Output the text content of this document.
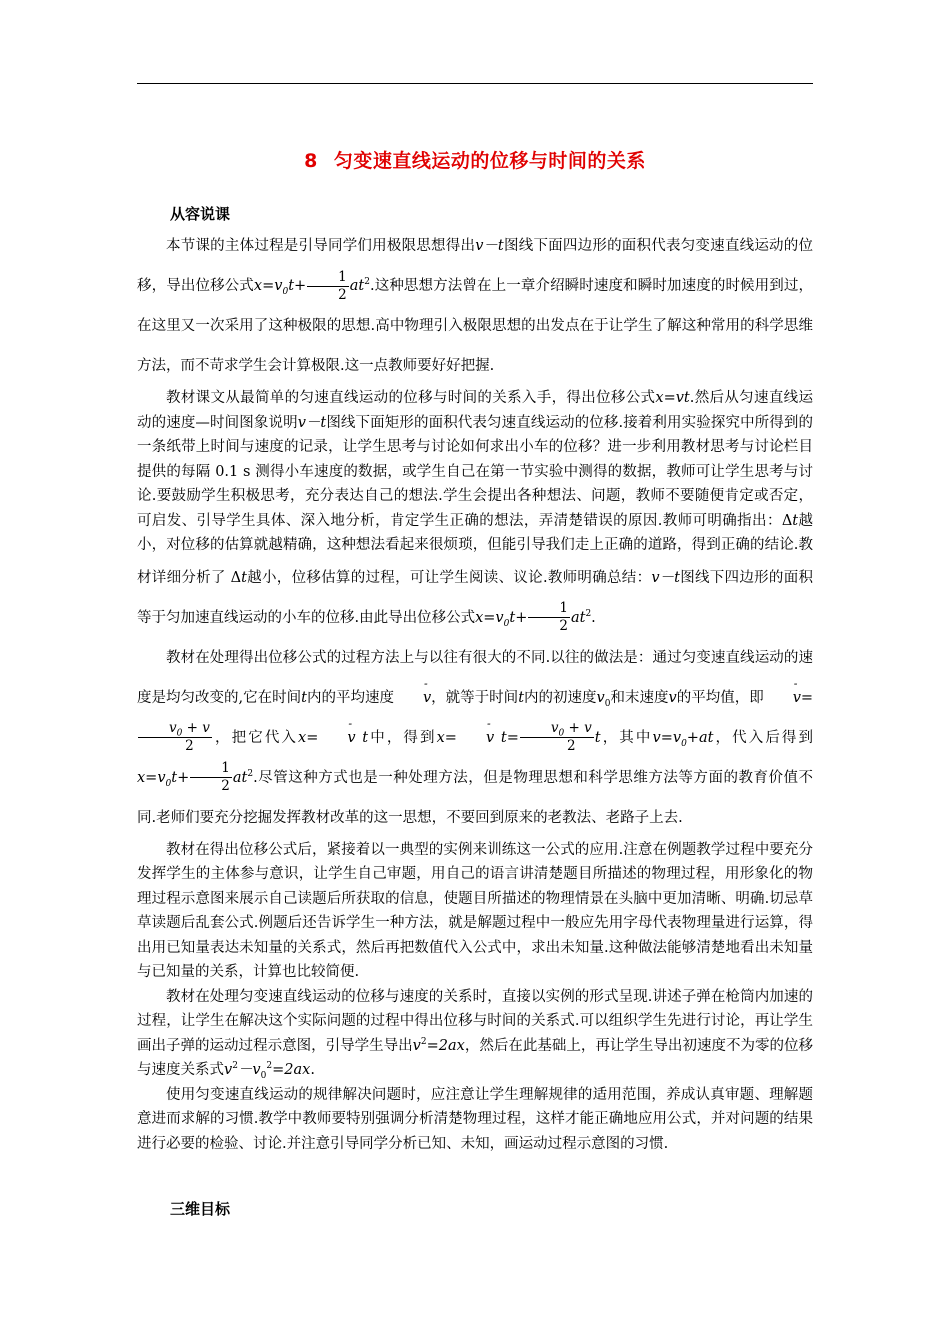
8 匀变速直线运动的位移与时间的关系
从容说课

本节课的主体过程是引导同学们用极限思想得出v－t图线下面四边形的面积代表匀变速直线运动的位移，导出位移公式$x=v_0t+ \frac{1}{2} at^2$.这种思想方法曾在上一章介绍瞬时速度和瞬时加速度的时候用到过，在这里又一次采用了这种极限的思想.高中物理引入极限思想的出发点在于让学生了解这种常用的科学思维方法，而不苛求学生会计算极限.这一点教师要好好把握.

教材课文从最简单的匀速直线运动的位移与时间的关系入手，得出位移公式x=vt.然后从匀速直线运动的速度—时间图象说明v－t图线下面矩形的面积代表匀速直线运动的位移.接着利用实验探究中所得到的一条纸带上时间与速度的记录，让学生思考与讨论如何求出小车的位移？进一步利用教材思考与讨论栏目提供的每隔 0.1 s 测得小车速度的数据，或学生自己在第一节实验中测得的数据，教师可让学生思考与讨论.要鼓励学生积极思考，充分表达自己的想法.学生会提出各种想法、问题，教师不要随便肯定或否定，可启发、引导学生具体、深入地分析，肯定学生正确的想法，弄清楚错误的原因.教师可明确指出：Δt越小，对位移的估算就越精确，这种想法看起来很烦琐，但能引导我们走上正确的道路，得到正确的结论.教材详细分析了 Δt越小，位移估算的过程，可让学生阅读、议论.教师明确总结：v－t图线下四边形的面积等于匀加速直线运动的小车的位移.由此导出位移公式$x=v_0t+ \frac{1}{2} at^2$.

教材在处理得出位移公式的过程方法上与以往有很大的不同.以往的做法是：通过匀变速直线运动的速度是均匀改变的,它在时间t内的平均速度 - v，就等于时间t内的初速度$v_0$和末速度v的平均值，即 - v=
$\frac{v_0 + v}{2}$ ，把它代入x= - v t中，得到x= - v $t= \frac{v_0 + v}{2}$ t，其中$v=v_0+at$，代入后得到$x=v_0t+ \frac{1}{2} at^2$.尽管这种方式也是一种处理方法，但是物理思想和科学思维方法等方面的教育价值不同.老师们要充分挖掘发挥教材改革的这一思想，不要回到原来的老教法、老路子上去.

教材在得出位移公式后，紧接着以一典型的实例来训练这一公式的应用.注意在例题教学过程中要充分发挥学生的主体参与意识，让学生自己审题，用自己的语言讲清楚题目所描述的物理过程，用形象化的物理过程示意图来展示自己读题后所获取的信息，使题目所描述的物理情景在头脑中更加清晰、明确.切忌草草读题后乱套公式.例题后还告诉学生一种方法，就是解题过程中一般应先用字母代表物理量进行运算，得出用已知量表达未知量的关系式，然后再把数值代入公式中，求出未知量.这种做法能够清楚地看出未知量与已知量的关系，计算也比较简便.

教材在处理匀变速直线运动的位移与速度的关系时，直接以实例的形式呈现.讲述子弹在枪筒内加速的过程，让学生在解决这个实际问题的过程中得出位移与时间的关系式.可以组织学生先进行讨论，再让学生画出子弹的运动过程示意图，引导学生导出$v^2=2ax$，然后在此基础上，再让学生导出初速度不为零的位移与速度关系式$v^2-v_0^2=2ax$.

使用匀变速直线运动的规律解决问题时，应注意让学生理解规律的适用范围，养成认真审题、理解题意进而求解的习惯.教学中教师要特别强调分析清楚物理过程，这样才能正确地应用公式，并对问题的结果进行必要的检验、讨论.并注意引导同学分析已知、未知，画运动过程示意图的习惯.

三维目标
